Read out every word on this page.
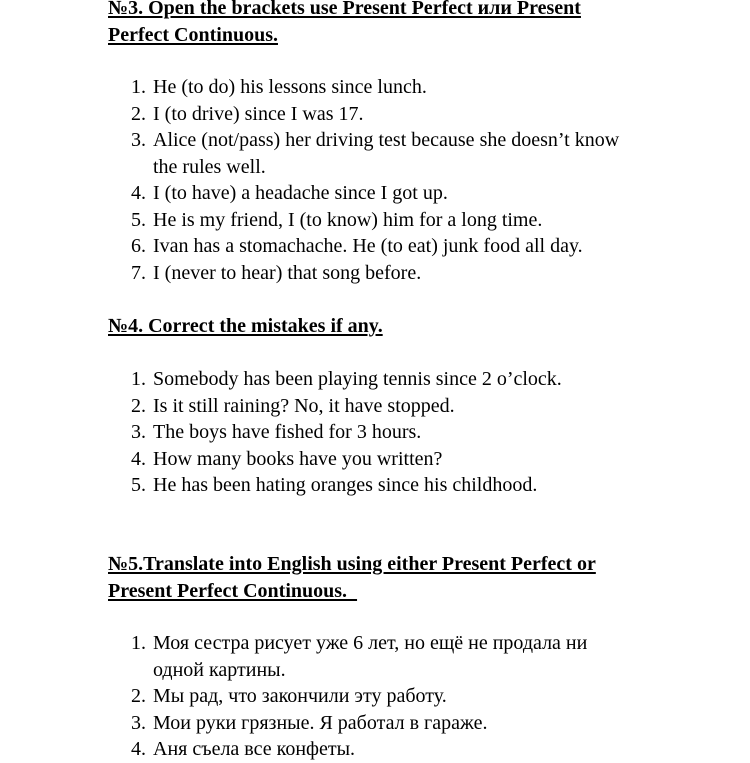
№3. Open the brackets use Present Perfect или Present
Perfect Continuous.
1. He (to do) his lessons since lunch.
2. I (to drive) since I was 17.
3. Alice (not/pass) her driving test because she doesn’t know
the rules well.
4. I (to have) a headache since I got up.
5. He is my friend, I (to know) him for a long time.
6. Ivan has a stomachache. He (to eat) junk food all day.
7. I (never to hear) that song before.
№4. Correct the mistakes if any.
1. Somebody has been playing tennis since 2 o’clock.
2. Is it still raining? No, it have stopped.
3. The boys have fished for 3 hours.
4. How many books have you written?
5. He has been hating oranges since his childhood.
№5.Translate into English using either Present Perfect or
Present Perfect Continuous.
1. Моя сестра рисует уже 6 лет, но ещё не продала ни
одной картины.
2. Мы рад, что закончили эту работу.
3. Мои руки грязные. Я работал в гараже.
4. Аня съела все конфеты.
